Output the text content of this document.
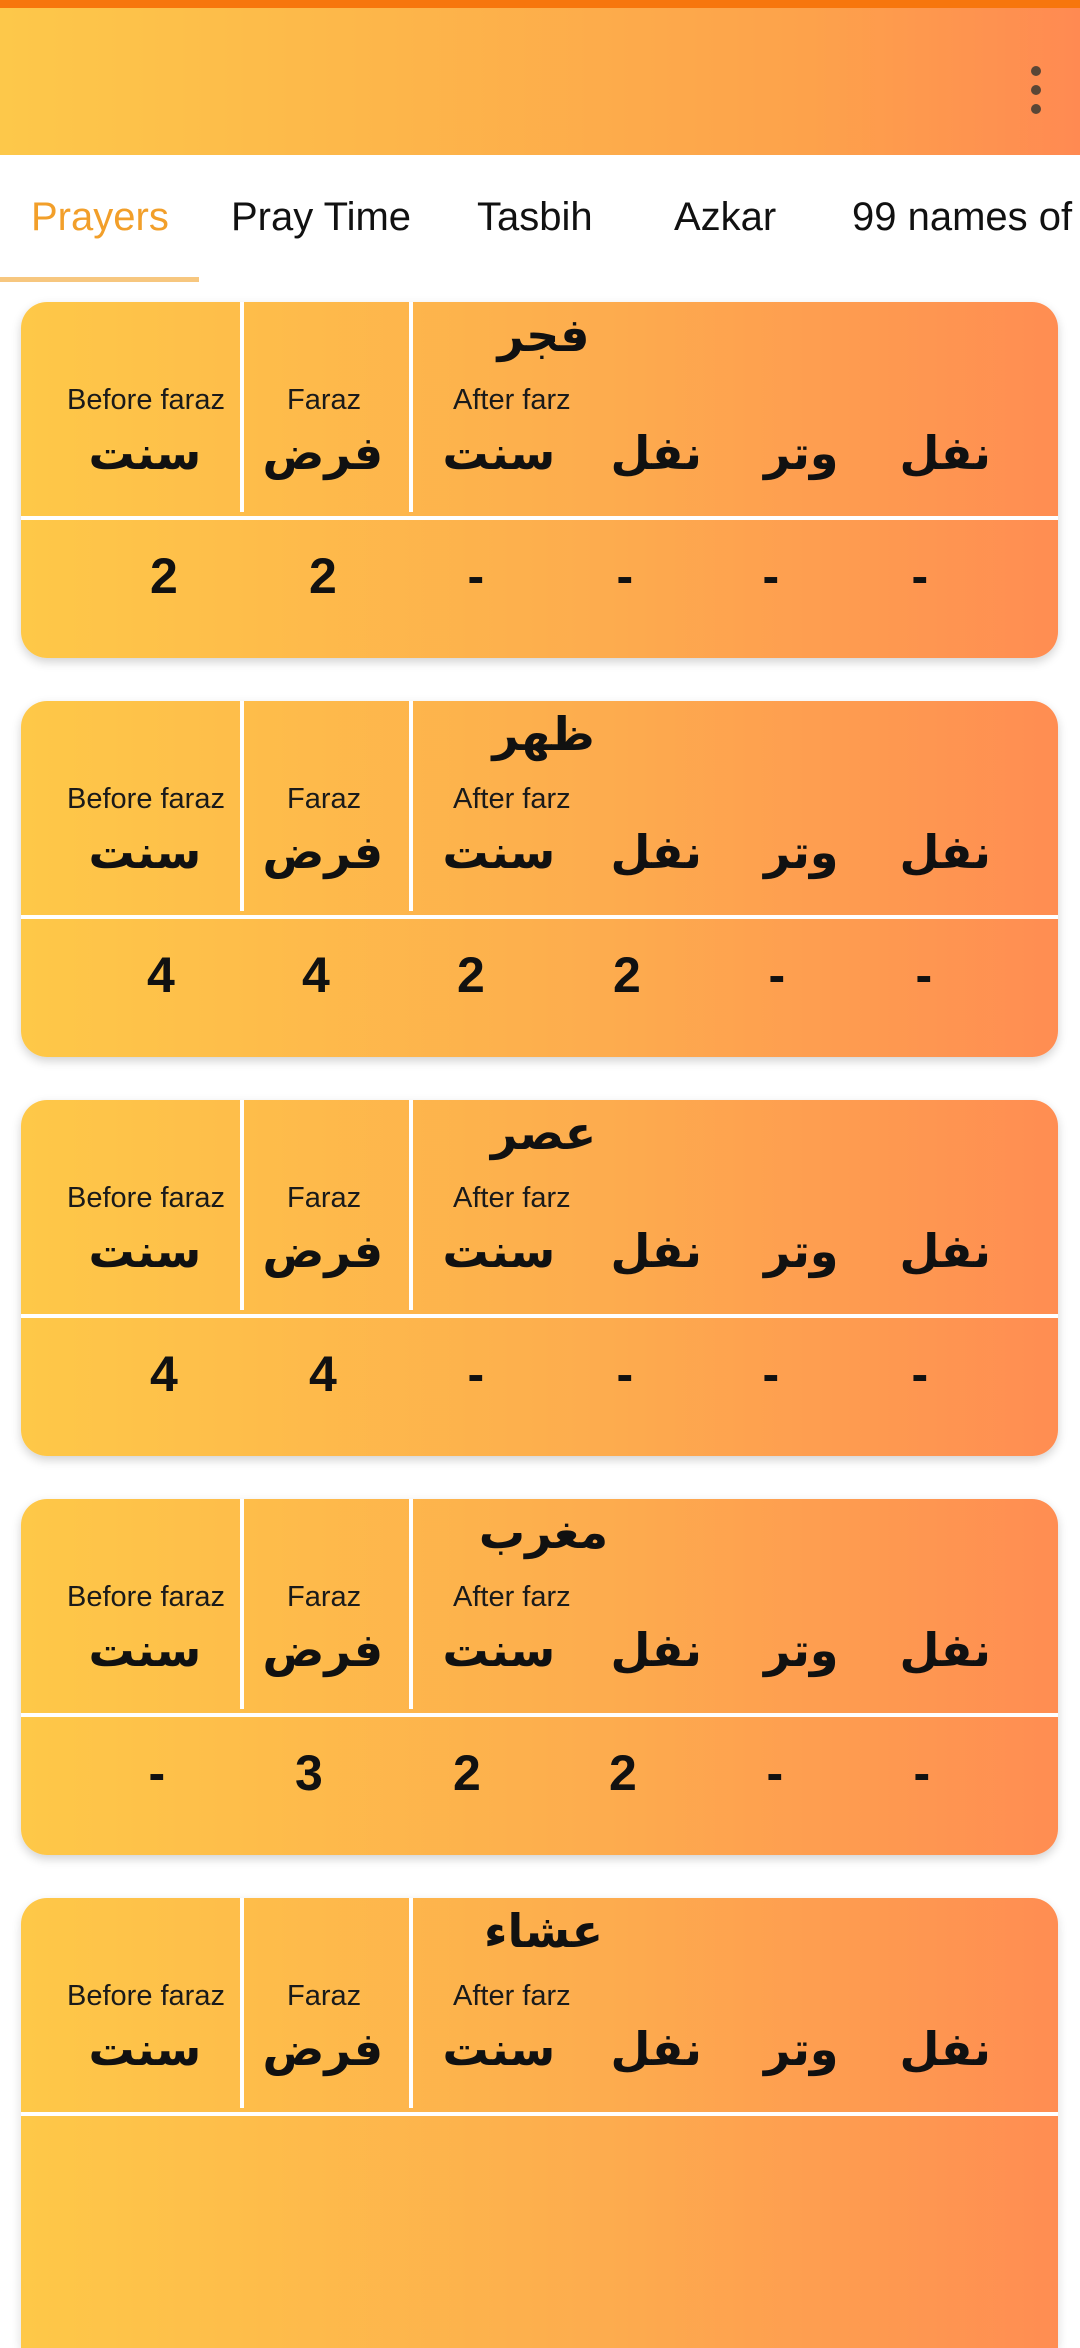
Prayers Pray Time Tasbih Azkar 99 names of
فجر
Before faraz Faraz	After farz
سنت فرض سنت نفل وتر نفل
2	2	-	-	-	-
ظهر
Before faraz Faraz	After farz
سنت فرض سنت نفل وتر نفل
4	4	2	2	-	-
عصر
Before faraz Faraz	After farz
سنت فرض سنت نفل وتر نفل
4	4	-	-	-	-
مغرب
Before faraz Faraz	After farz
سنت فرض سنت نفل وتر نفل
-	3	2	2	-	-
عشاء
Before faraz Faraz	After farz
سنت فرض سنت نفل وتر نفل
